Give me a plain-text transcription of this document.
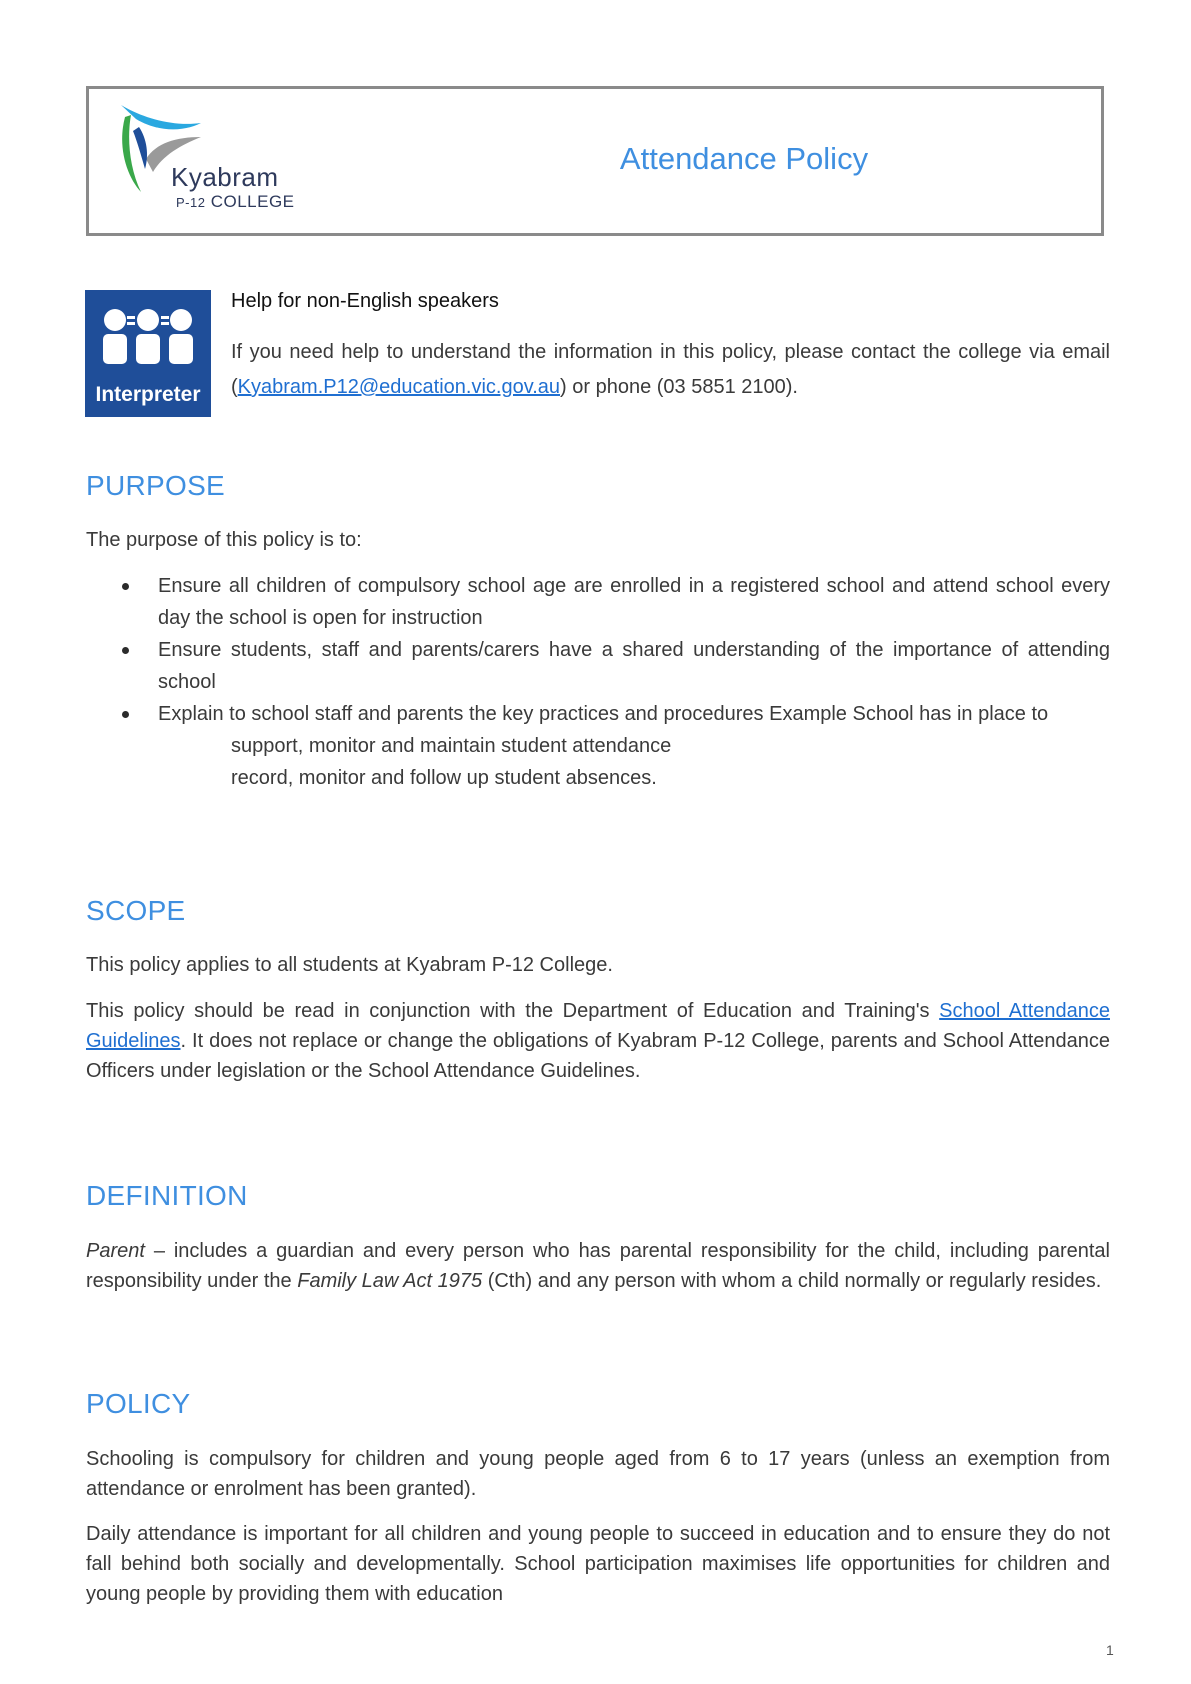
Kyabram
P-12 COLLEGE
Attendance Policy
Interpreter
Help for non-English speakers
If you need help to understand the information in this policy, please contact the college via email (Kyabram.P12@education.vic.gov.au) or phone (03 5851 2100).
PURPOSE
The purpose of this policy is to:
Ensure all children of compulsory school age are enrolled in a registered school and attend school every day the school is open for instruction
Ensure students, staff and parents/carers have a shared understanding of the importance of attending school
Explain to school staff and parents the key practices and procedures Example School has in place to
support, monitor and maintain student attendance
record, monitor and follow up student absences.
SCOPE
This policy applies to all students at Kyabram P-12 College.
This policy should be read in conjunction with the Department of Education and Training's School Attendance Guidelines. It does not replace or change the obligations of Kyabram P-12 College, parents and School Attendance Officers under legislation or the School Attendance Guidelines.
DEFINITION
Parent – includes a guardian and every person who has parental responsibility for the child, including parental responsibility under the Family Law Act 1975 (Cth) and any person with whom a child normally or regularly resides.
POLICY
Schooling is compulsory for children and young people aged from 6 to 17 years (unless an exemption from attendance or enrolment has been granted).
Daily attendance is important for all children and young people to succeed in education and to ensure they do not fall behind both socially and developmentally. School participation maximises life opportunities for children and young people by providing them with education
1
